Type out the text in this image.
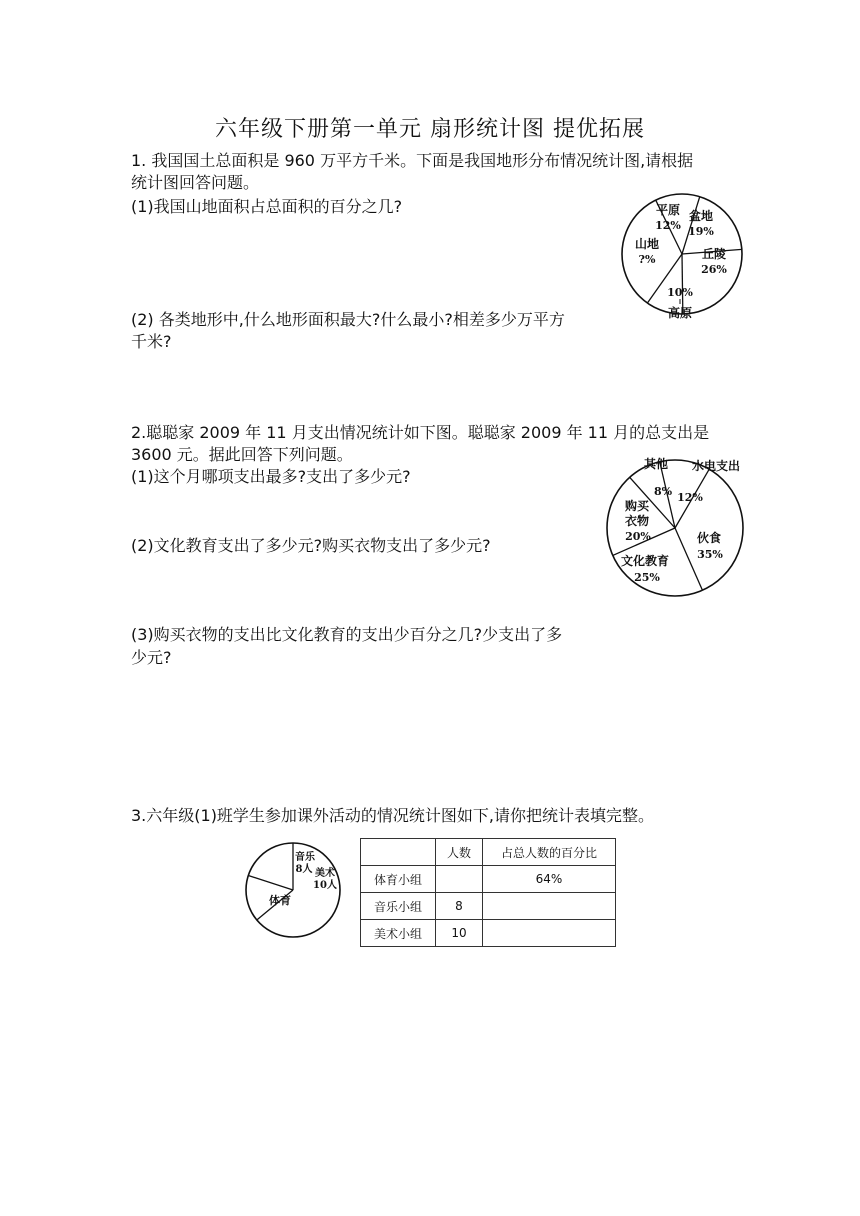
六年级下册第一单元 扇形统计图 提优拓展
1. 我国国土总面积是 960 万平方千米。下面是我国地形分布情况统计图,请根据
统计图回答问题。
(1)我国山地面积占总面积的百分之几?
(2) 各类地形中,什么地形面积最大?什么最小?相差多少万平方
千米?
平原
12%
盆地
19%
丘陵
26%
山地
?%
10%
高原
2.聪聪家 2009 年 11 月支出情况统计如下图。聪聪家 2009 年 11 月的总支出是
3600 元。据此回答下列问题。
(1)这个月哪项支出最多?支出了多少元?
(2)文化教育支出了多少元?购买衣物支出了多少元?
(3)购买衣物的支出比文化教育的支出少百分之几?少支出了多
少元?
其他
8%
水电支出
12%
伙食
35%
文化教育
25%
购买
衣物
20%
3.六年级(1)班学生参加课外活动的情况统计图如下,请你把统计表填完整。
体育
音乐
8人 美术
10人
	人数	占总人数的百分比
体育小组		64%
音乐小组	8	
美术小组	10	
